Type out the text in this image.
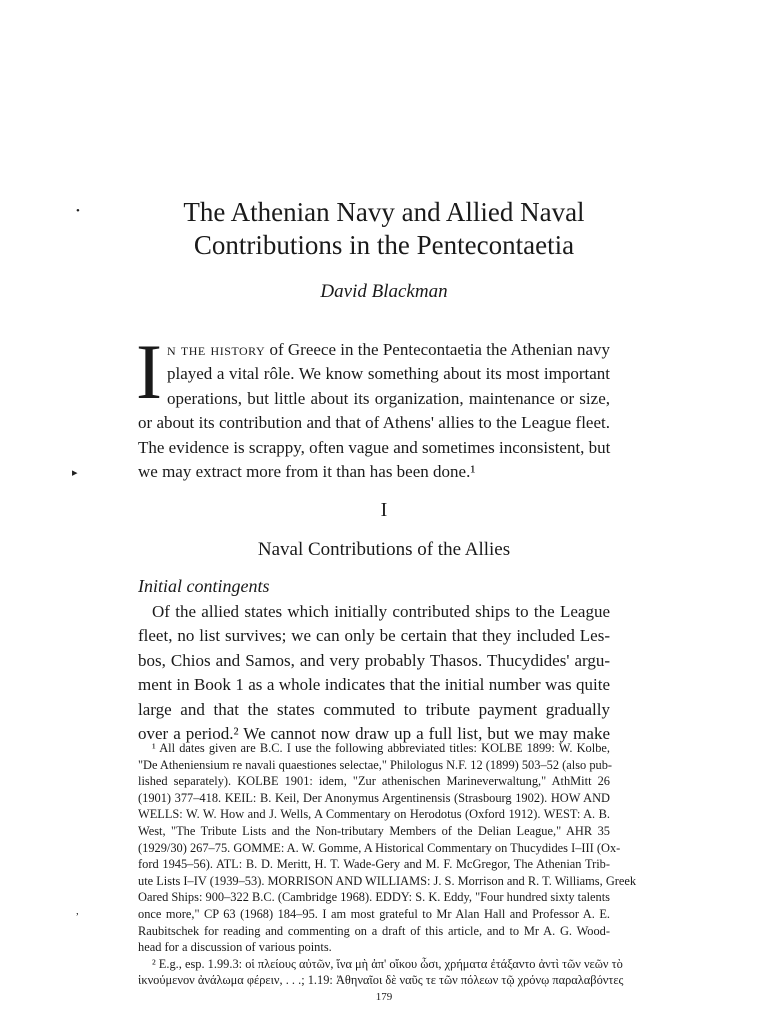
•
▸
,
The Athenian Navy and Allied Naval
Contributions in the Pentecontaetia
David Blackman
I n the history of Greece in the Pentecontaetia the Athenian navy
played a vital rôle. We know something about its most important
operations, but little about its organization, maintenance or size,
or about its contribution and that of Athens' allies to the League fleet.
The evidence is scrappy, often vague and sometimes inconsistent, but
we may extract more from it than has been done.¹
I
Naval Contributions of the Allies
Initial contingents
Of the allied states which initially contributed ships to the League
fleet, no list survives; we can only be certain that they included Les-
bos, Chios and Samos, and very probably Thasos. Thucydides' argu-
ment in Book 1 as a whole indicates that the initial number was quite
large and that the states commuted to tribute payment gradually
over a period.² We cannot now draw up a full list, but we may make
¹ All dates given are B.C. I use the following abbreviated titles: KOLBE 1899: W. Kolbe,
"De Atheniensium re navali quaestiones selectae," Philologus N.F. 12 (1899) 503–52 (also pub-
lished separately). KOLBE 1901: idem, "Zur athenischen Marineverwaltung," AthMitt 26
(1901) 377–418. KEIL: B. Keil, Der Anonymus Argentinensis (Strasbourg 1902). HOW AND
WELLS: W. W. How and J. Wells, A Commentary on Herodotus (Oxford 1912). WEST: A. B.
West, "The Tribute Lists and the Non-tributary Members of the Delian League," AHR 35
(1929/30) 267–75. GOMME: A. W. Gomme, A Historical Commentary on Thucydides I–III (Ox-
ford 1945–56). ATL: B. D. Meritt, H. T. Wade-Gery and M. F. McGregor, The Athenian Trib-
ute Lists I–IV (1939–53). MORRISON AND WILLIAMS: J. S. Morrison and R. T. Williams, Greek
Oared Ships: 900–322 B.C. (Cambridge 1968). EDDY: S. K. Eddy, "Four hundred sixty talents
once more," CP 63 (1968) 184–95. I am most grateful to Mr Alan Hall and Professor A. E.
Raubitschek for reading and commenting on a draft of this article, and to Mr A. G. Wood-
head for a discussion of various points.
² E.g., esp. 1.99.3: οἱ πλείους αὐτῶν, ἵνα μὴ ἀπ' οἴκου ὦσι, χρήματα ἐτάξαντο ἀντὶ τῶν νεῶν τὸ
ἱκνούμενον ἀνάλωμα φέρειν, . . .; 1.19: Ἀθηναῖοι δὲ ναῦς τε τῶν πόλεων τῷ χρόνῳ παραλαβόντες
179
